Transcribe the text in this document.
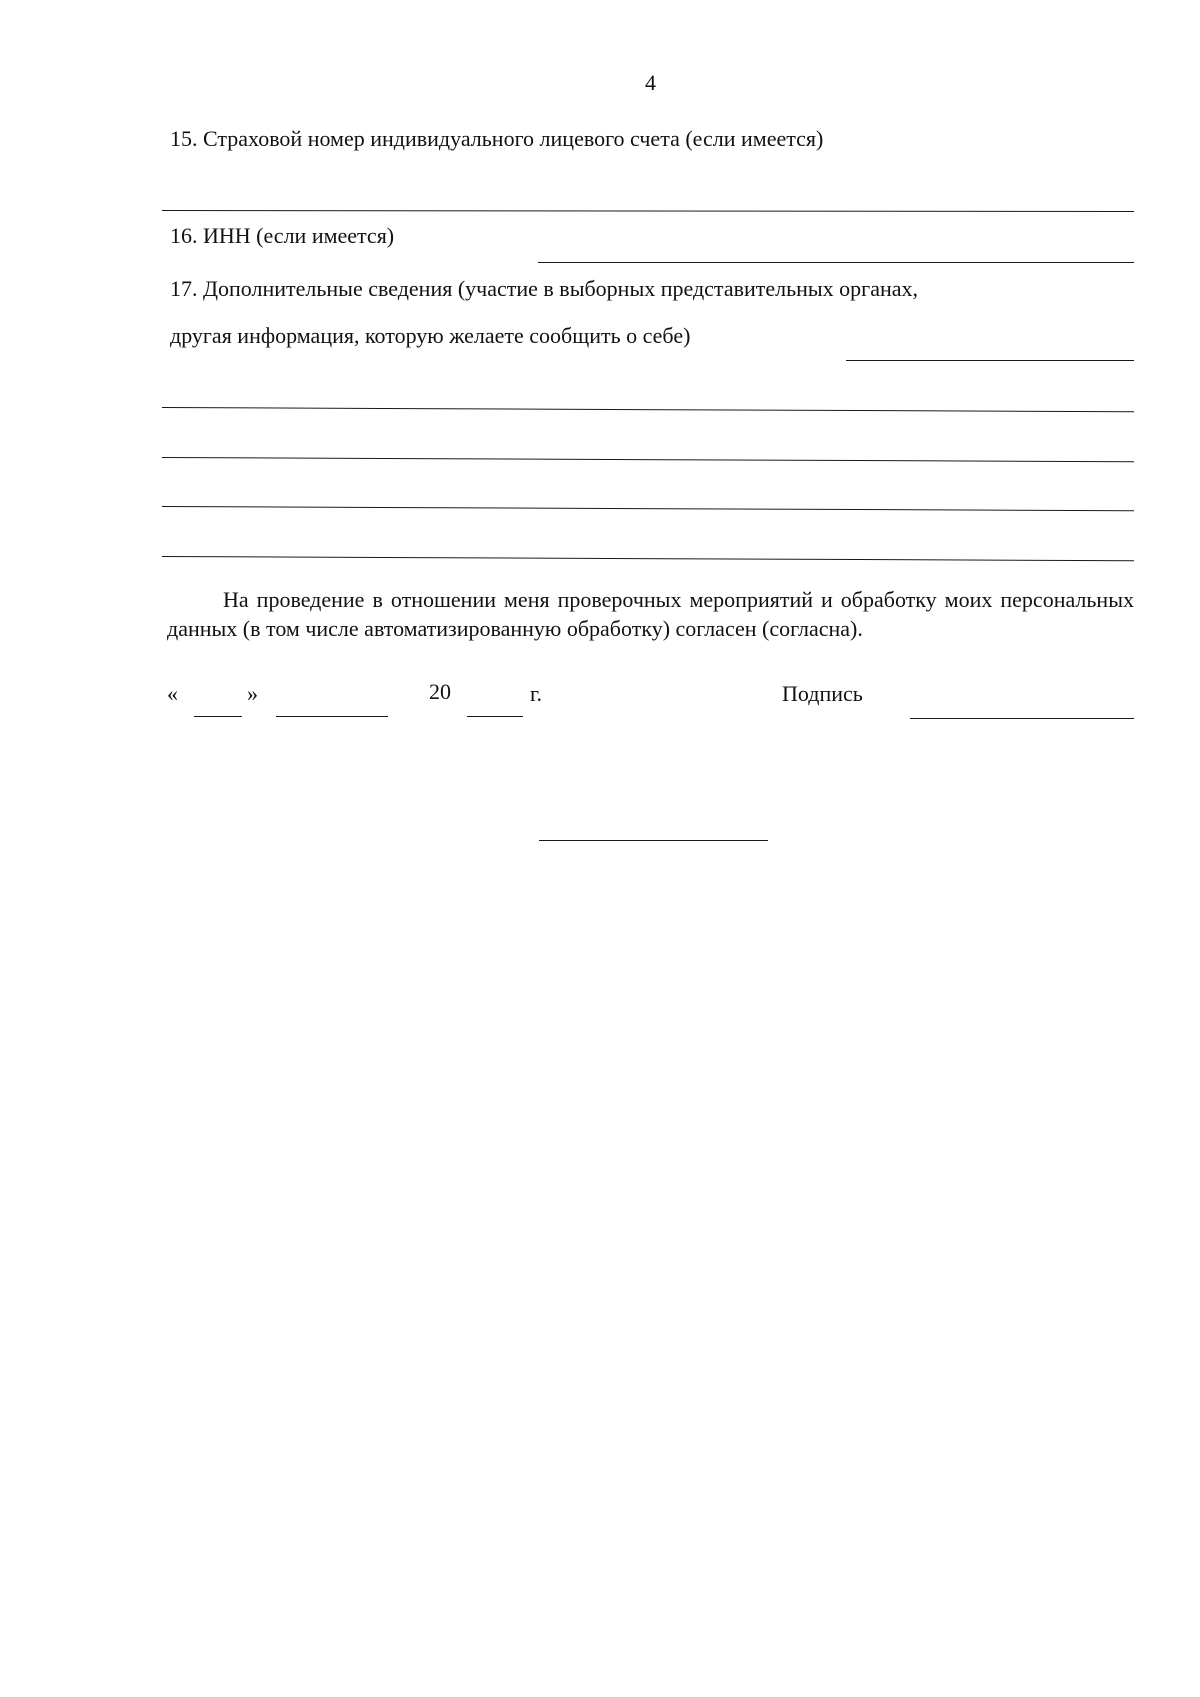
4
15. Страховой номер индивидуального лицевого счета (если имеется)
16. ИНН (если имеется)
17. Дополнительные сведения (участие в выборных представительных органах,
другая информация, которую желаете сообщить о себе)
На проведение в отношении меня проверочных мероприятий и обработку моих персональных данных (в том числе автоматизированную обработку) согласен (согласна).
«	»	20	г.	Подпись
